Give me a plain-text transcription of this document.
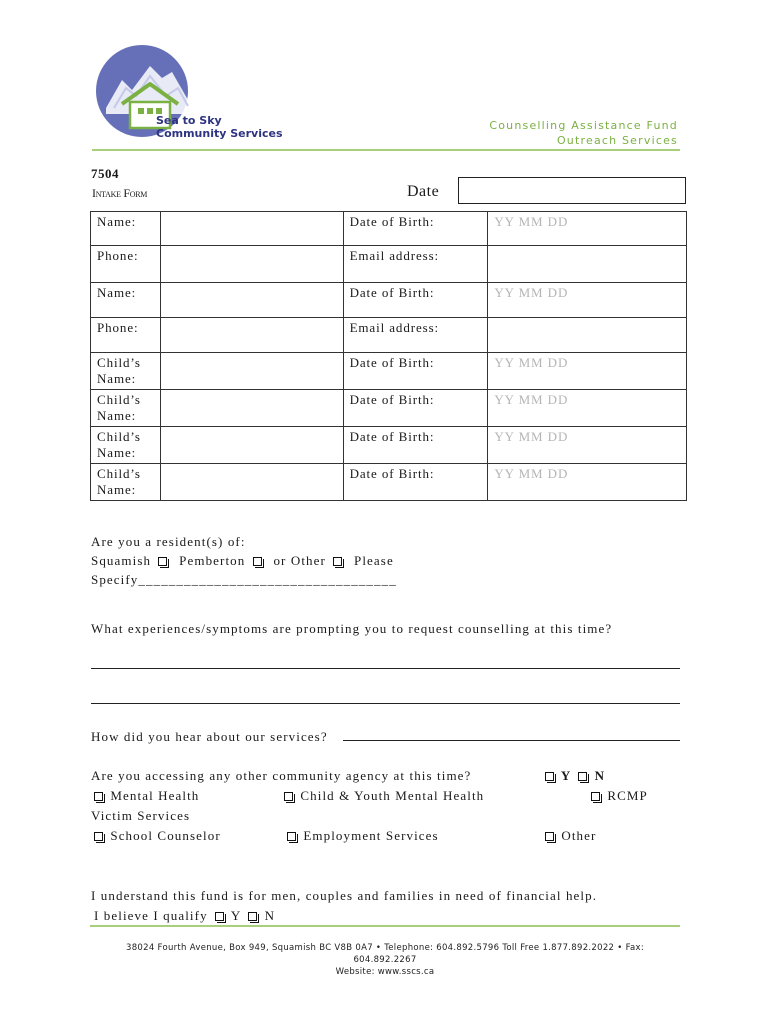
Sea to Sky
Community Services
Counselling Assistance Fund
Outreach Services
7504
Intake Form	Date
Name:		Date of Birth:	YY MM DD
Phone:		Email address:	
Name:		Date of Birth:	YY MM DD
Phone:		Email address:	
Child’s Name:		Date of Birth:	YY MM DD
Child’s Name:		Date of Birth:	YY MM DD
Child’s Name:		Date of Birth:	YY MM DD
Child’s Name:		Date of Birth:	YY MM DD
Are you a resident(s) of:
Squamish Pemberton or Other Please
Specify__________________________________
What experiences/symptoms are prompting you to request counselling at this time?
How did you hear about our services?
Are you accessing any other community agency at this time?	Y N
Mental Health	Child & Youth Mental Health	RCMP
Victim Services
School Counselor	Employment Services	Other
I understand this fund is for men, couples and families in need of financial help.
I believe I qualify Y N
38024 Fourth Avenue, Box 949, Squamish BC V8B 0A7 • Telephone: 604.892.5796 Toll Free 1.877.892.2022 • Fax:
604.892.2267
Website: www.sscs.ca
